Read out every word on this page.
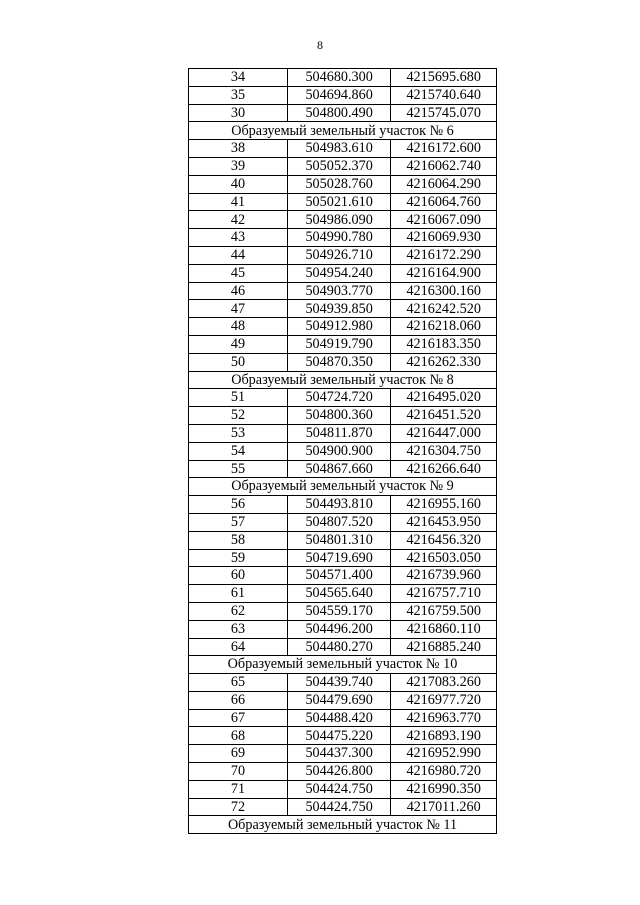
8
34	504680.300	4215695.680
35	504694.860	4215740.640
30	504800.490	4215745.070
Образуемый земельный участок № 6		
38	504983.610	4216172.600
39	505052.370	4216062.740
40	505028.760	4216064.290
41	505021.610	4216064.760
42	504986.090	4216067.090
43	504990.780	4216069.930
44	504926.710	4216172.290
45	504954.240	4216164.900
46	504903.770	4216300.160
47	504939.850	4216242.520
48	504912.980	4216218.060
49	504919.790	4216183.350
50	504870.350	4216262.330
Образуемый земельный участок № 8		
51	504724.720	4216495.020
52	504800.360	4216451.520
53	504811.870	4216447.000
54	504900.900	4216304.750
55	504867.660	4216266.640
Образуемый земельный участок № 9		
56	504493.810	4216955.160
57	504807.520	4216453.950
58	504801.310	4216456.320
59	504719.690	4216503.050
60	504571.400	4216739.960
61	504565.640	4216757.710
62	504559.170	4216759.500
63	504496.200	4216860.110
64	504480.270	4216885.240
Образуемый земельный участок № 10		
65	504439.740	4217083.260
66	504479.690	4216977.720
67	504488.420	4216963.770
68	504475.220	4216893.190
69	504437.300	4216952.990
70	504426.800	4216980.720
71	504424.750	4216990.350
72	504424.750	4217011.260
Образуемый земельный участок № 11		
